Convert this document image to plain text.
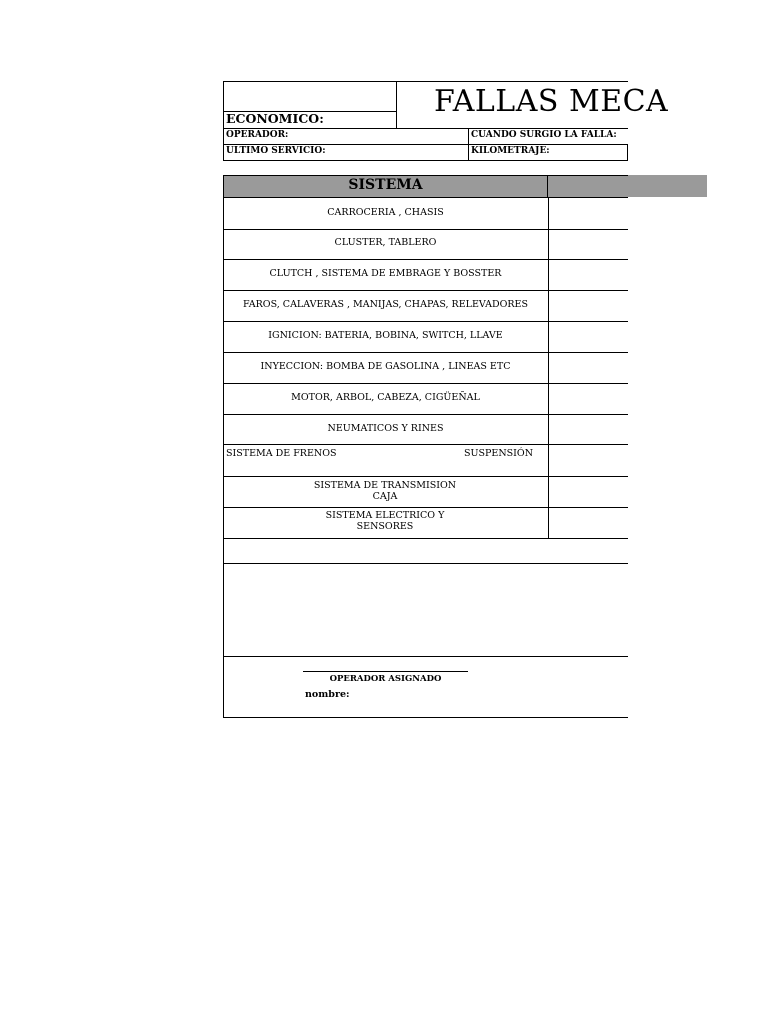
ECONOMICO:	FALLAS MECA
OPERADOR:	CUANDO SURGIO LA FALLA:
ULTIMO SERVICIO:	KILOMETRAJE:
SISTEMA
CARROCERIA , CHASIS
CLUSTER, TABLERO
CLUTCH , SISTEMA DE EMBRAGE Y BOSSTER
FAROS, CALAVERAS , MANIJAS, CHAPAS, RELEVADORES
IGNICION: BATERIA, BOBINA, SWITCH, LLAVE
INYECCION: BOMBA DE GASOLINA , LINEAS ETC
MOTOR, ARBOL, CABEZA, CIGÜEÑAL
NEUMATICOS Y RINES
SISTEMA DE FRENOS	SUSPENSIÓN
SISTEMA DE TRANSMISION
CAJA
SISTEMA ELECTRICO Y
SENSORES
OPERADOR ASIGNADO
nombre:
